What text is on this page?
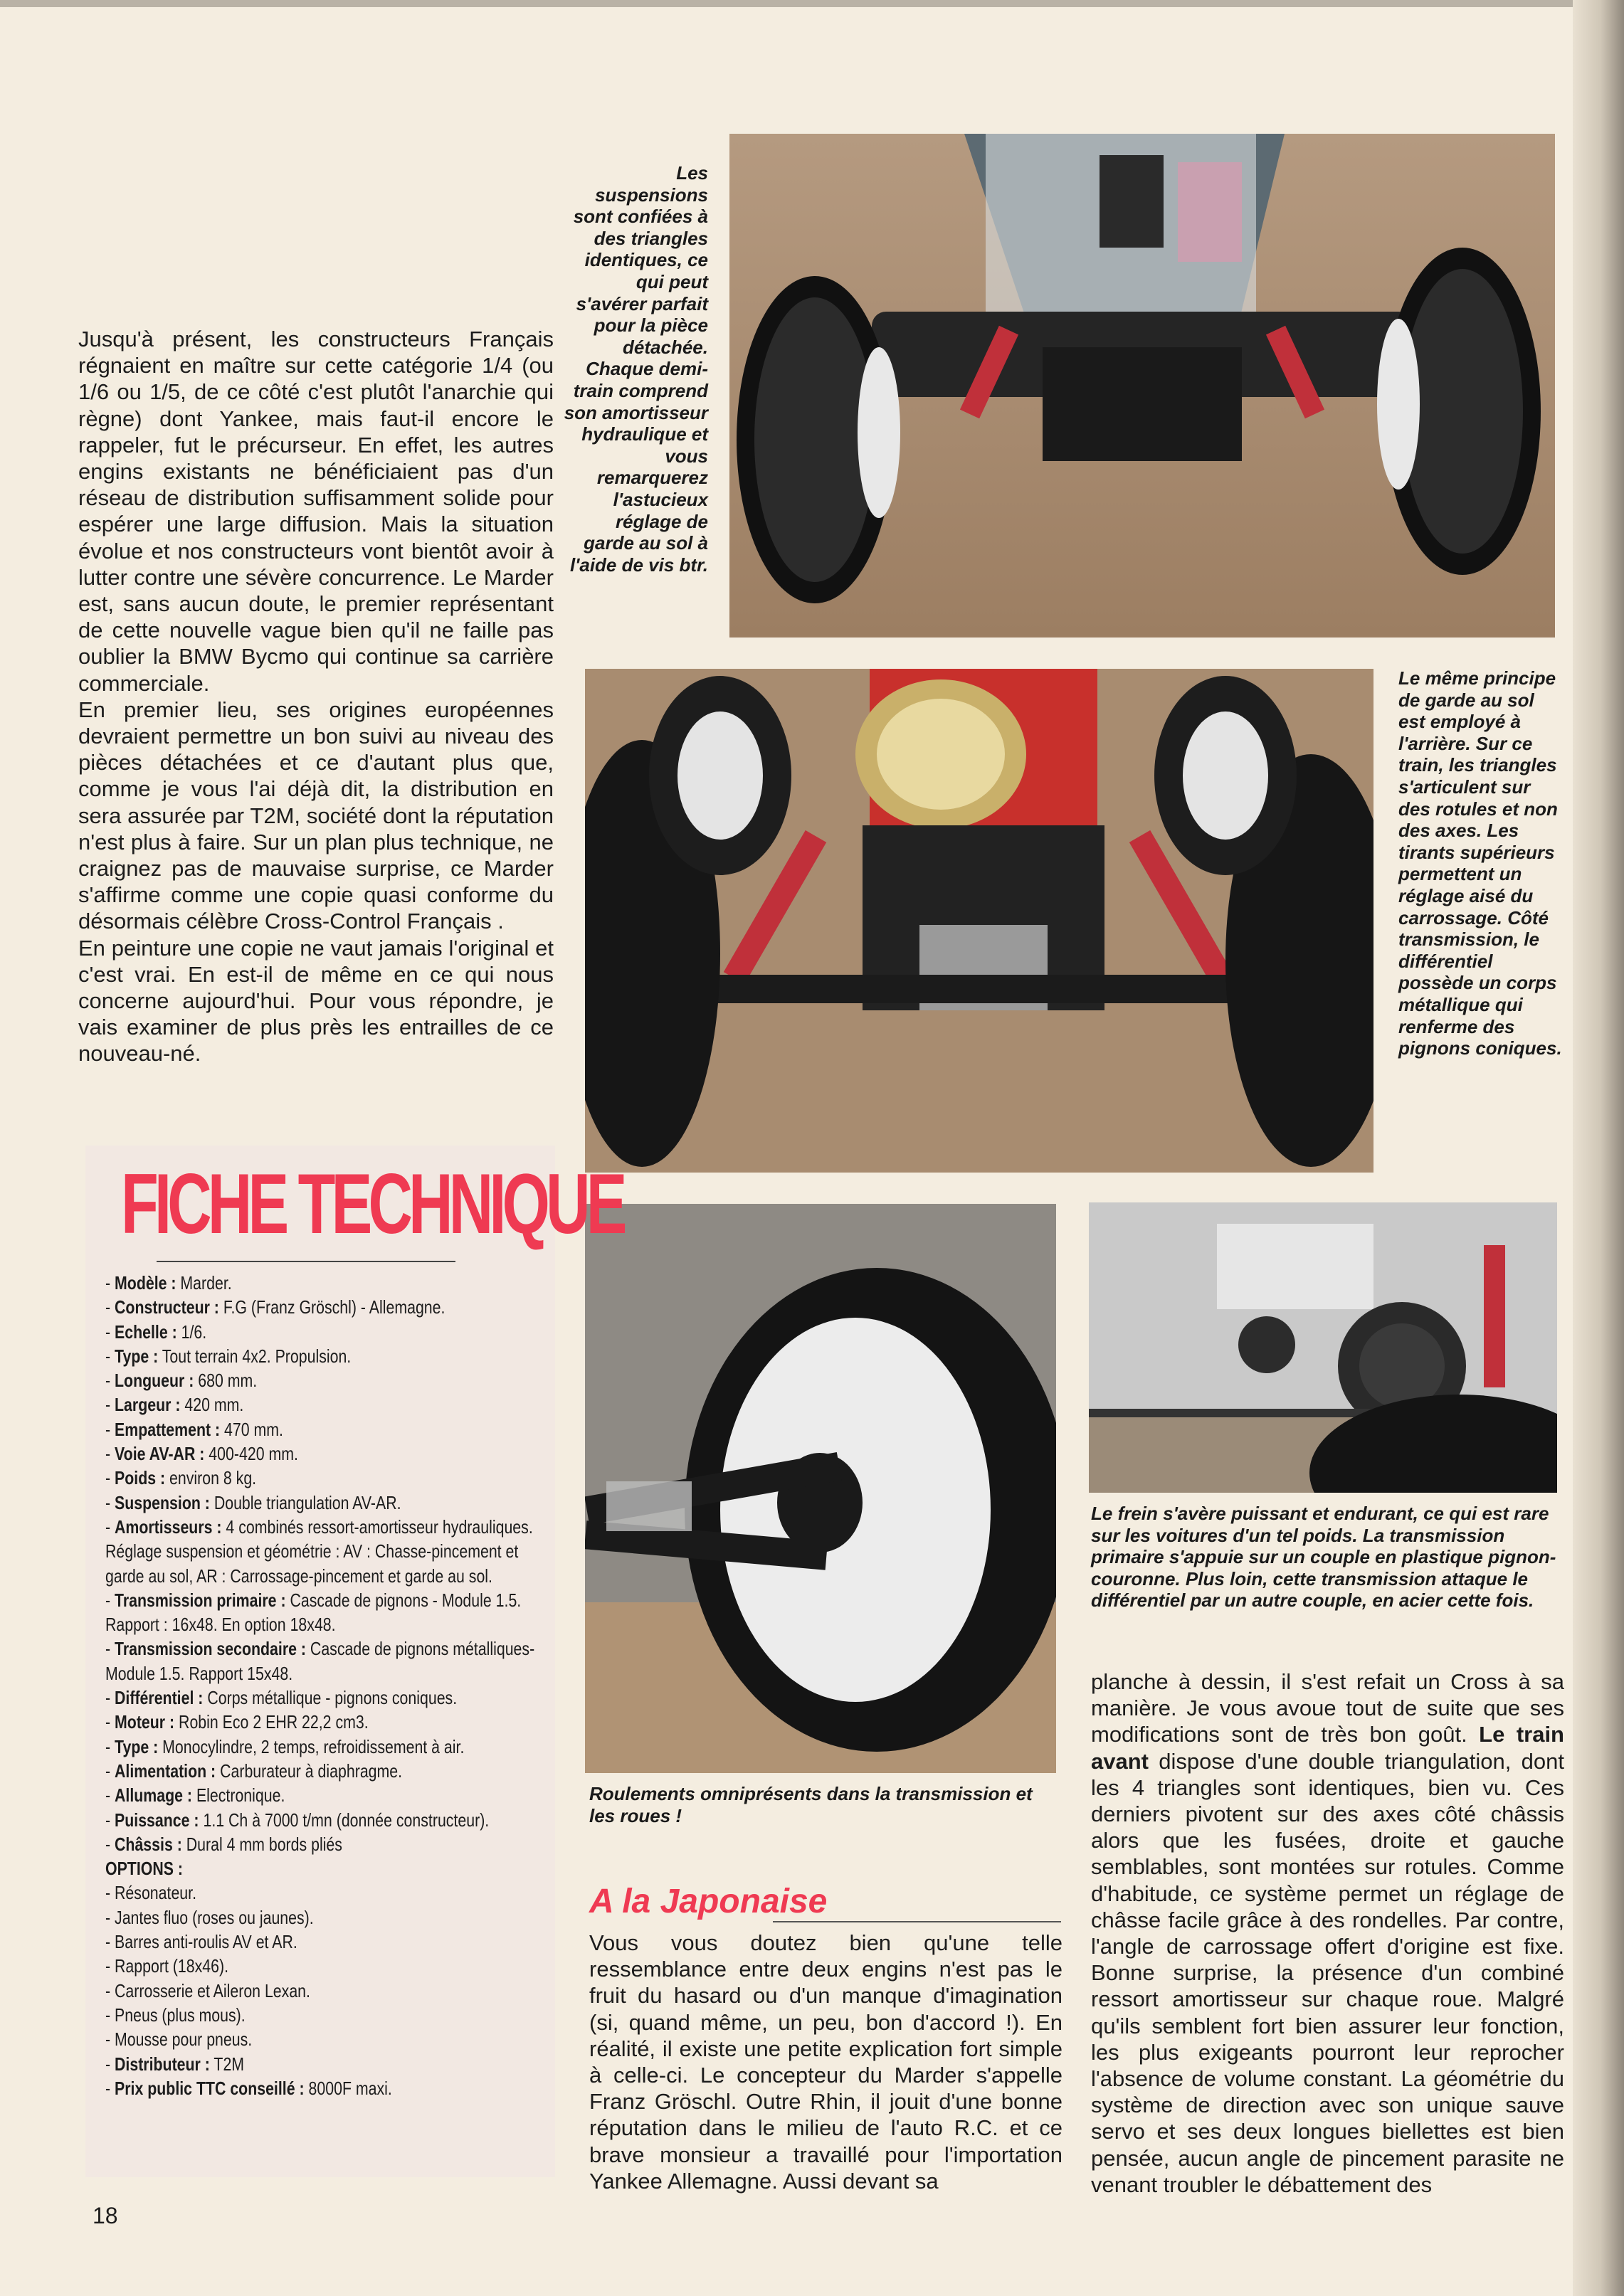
Jusqu'à présent, les constructeurs Français régnaient en maître sur cette catégorie 1/4 (ou 1/6 ou 1/5, de ce côté c'est plutôt l'anarchie qui règne) dont Yankee, mais faut-il encore le rappeler, fut le précurseur. En effet, les autres engins existants ne bénéficiaient pas d'un réseau de distribution suffisamment solide pour espérer une large diffusion. Mais la situation évolue et nos constructeurs vont bientôt avoir à lutter contre une sévère concurrence. Le Marder est, sans aucun doute, le premier représentant de cette nouvelle vague bien qu'il ne faille pas oublier la BMW Bycmo qui continue sa carrière commerciale.

En premier lieu, ses origines européennes devraient permettre un bon suivi au niveau des pièces détachées et ce d'autant plus que, comme je vous l'ai déjà dit, la distribution en sera assurée par T2M, société dont la réputation n'est plus à faire. Sur un plan plus technique, ne craignez pas de mauvaise surprise, ce Marder s'affirme comme une copie quasi conforme du désormais célèbre Cross-Control Français .

En peinture une copie ne vaut jamais l'original et c'est vrai. En est-il de même en ce qui nous concerne aujourd'hui. Pour vous répondre, je vais examiner de plus près les entrailles de ce nouveau-né.

Les suspensions sont confiées à des triangles identiques, ce qui peut s'avérer parfait pour la pièce détachée. Chaque demi-train comprend son amortisseur hydraulique et vous remarquerez l'astucieux réglage de garde au sol à l'aide de vis btr.
Le même principe de garde au sol est employé à l'arrière. Sur ce train, les triangles s'articulent sur des rotules et non des axes. Les tirants supérieurs permettent un réglage aisé du carrossage. Côté transmission, le différentiel possède un corps métallique qui renferme des pignons coniques.
Roulements omniprésents dans la transmission et les roues !
Le frein s'avère puissant et endurant, ce qui est rare sur les voitures d'un tel poids. La transmission primaire s'appuie sur un couple en plastique pignon-couronne. Plus loin, cette transmission attaque le différentiel par un autre couple, en acier cette fois.
FICHE TECHNIQUE
- Modèle : Marder.
- Constructeur : F.G (Franz Gröschl) - Allemagne.
- Echelle : 1/6.
- Type : Tout terrain 4x2. Propulsion.
- Longueur : 680 mm.
- Largeur : 420 mm.
- Empattement : 470 mm.
- Voie AV-AR : 400-420 mm.
- Poids : environ 8 kg.
- Suspension : Double triangulation AV-AR.
- Amortisseurs : 4 combinés ressort-amortisseur hydrauliques. Réglage suspension et géométrie : AV : Chasse-pincement et garde au sol, AR : Carrossage-pincement et garde au sol.
- Transmission primaire : Cascade de pignons - Module 1.5. Rapport : 16x48. En option 18x48.
- Transmission secondaire : Cascade de pignons métalliques- Module 1.5. Rapport 15x48.
- Différentiel : Corps métallique - pignons coniques.
- Moteur : Robin Eco 2 EHR 22,2 cm3.
- Type : Monocylindre, 2 temps, refroidissement à air.
- Alimentation : Carburateur à diaphragme.
- Allumage : Electronique.
- Puissance : 1.1 Ch à 7000 t/mn (donnée constructeur).
- Châssis : Dural 4 mm bords pliés
OPTIONS :
- Résonateur.
- Jantes fluo (roses ou jaunes).
- Barres anti-roulis AV et AR.
- Rapport (18x46).
- Carrosserie et Aileron Lexan.
- Pneus (plus mous).
- Mousse pour pneus.
- Distributeur : T2M
- Prix public TTC conseillé : 8000F maxi.
A la Japonaise

Vous vous doutez bien qu'une telle ressemblance entre deux engins n'est pas le fruit du hasard ou d'un manque d'imagination (si, quand même, un peu, bon d'accord !). En réalité, il existe une petite explication fort simple à celle-ci. Le concepteur du Marder s'appelle Franz Gröschl. Outre Rhin, il jouit d'une bonne réputation dans le milieu de l'auto R.C. et ce brave monsieur a travaillé pour l'importation Yankee Allemagne. Aussi devant sa

planche à dessin, il s'est refait un Cross à sa manière. Je vous avoue tout de suite que ses modifications sont de très bon goût. Le train avant dispose d'une double triangulation, dont les 4 triangles sont identiques, bien vu. Ces derniers pivotent sur des axes côté châssis alors que les fusées, droite et gauche semblables, sont montées sur rotules. Comme d'habitude, ce système permet un réglage de châsse facile grâce à des rondelles. Par contre, l'angle de carrossage offert d'origine est fixe. Bonne surprise, la présence d'un combiné ressort amortisseur sur chaque roue. Malgré qu'ils semblent fort bien assurer leur fonction, les plus exigeants pourront leur reprocher l'absence de volume constant. La géométrie du système de direction avec son unique sauve servo et ses deux longues biellettes est bien pensée, aucun angle de pincement parasite ne venant troubler le débattement des

18
